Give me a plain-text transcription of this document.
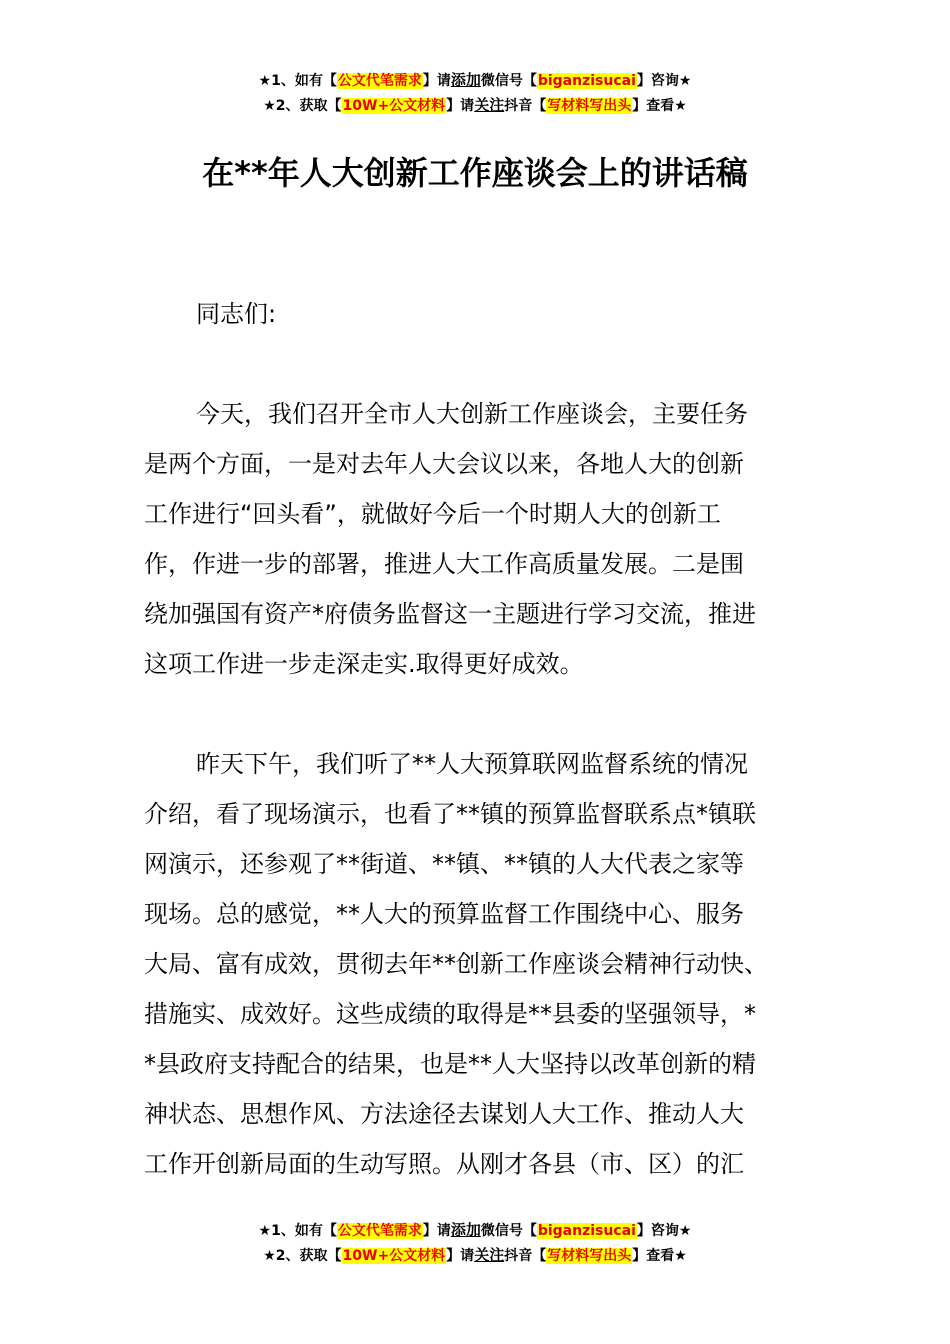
★1、如有【公文代笔需求】请添加微信号【biganzisucai】咨询★
★2、获取【10W+公文材料】请关注抖音【写材料写出头】查看★
在**年人大创新工作座谈会上的讲话稿

同志们:

今天，我们召开全市人大创新工作座谈会，主要任务

是两个方面，一是对去年人大会议以来，各地人大的创新

工作进行“回头看”，就做好今后一个时期人大的创新工

作，作进一步的部署，推进人大工作高质量发展。二是围

绕加强国有资产*府债务监督这一主题进行学习交流，推进

这项工作进一步走深走实.取得更好成效。

昨天下午，我们听了**人大预算联网监督系统的情况

介绍，看了现场演示，也看了**镇的预算监督联系点*镇联

网演示，还参观了**街道、**镇、**镇的人大代表之家等

现场。总的感觉，**人大的预算监督工作围绕中心、服务

大局、富有成效，贯彻去年**创新工作座谈会精神行动快、

措施实、成效好。这些成绩的取得是**县委的坚强领导，*

*县政府支持配合的结果，也是**人大坚持以改革创新的精

神状态、思想作风、方法途径去谋划人大工作、推动人大

工作开创新局面的生动写照。从刚才各县（市、区）的汇

★1、如有【公文代笔需求】请添加微信号【biganzisucai】咨询★
★2、获取【10W+公文材料】请关注抖音【写材料写出头】查看★
